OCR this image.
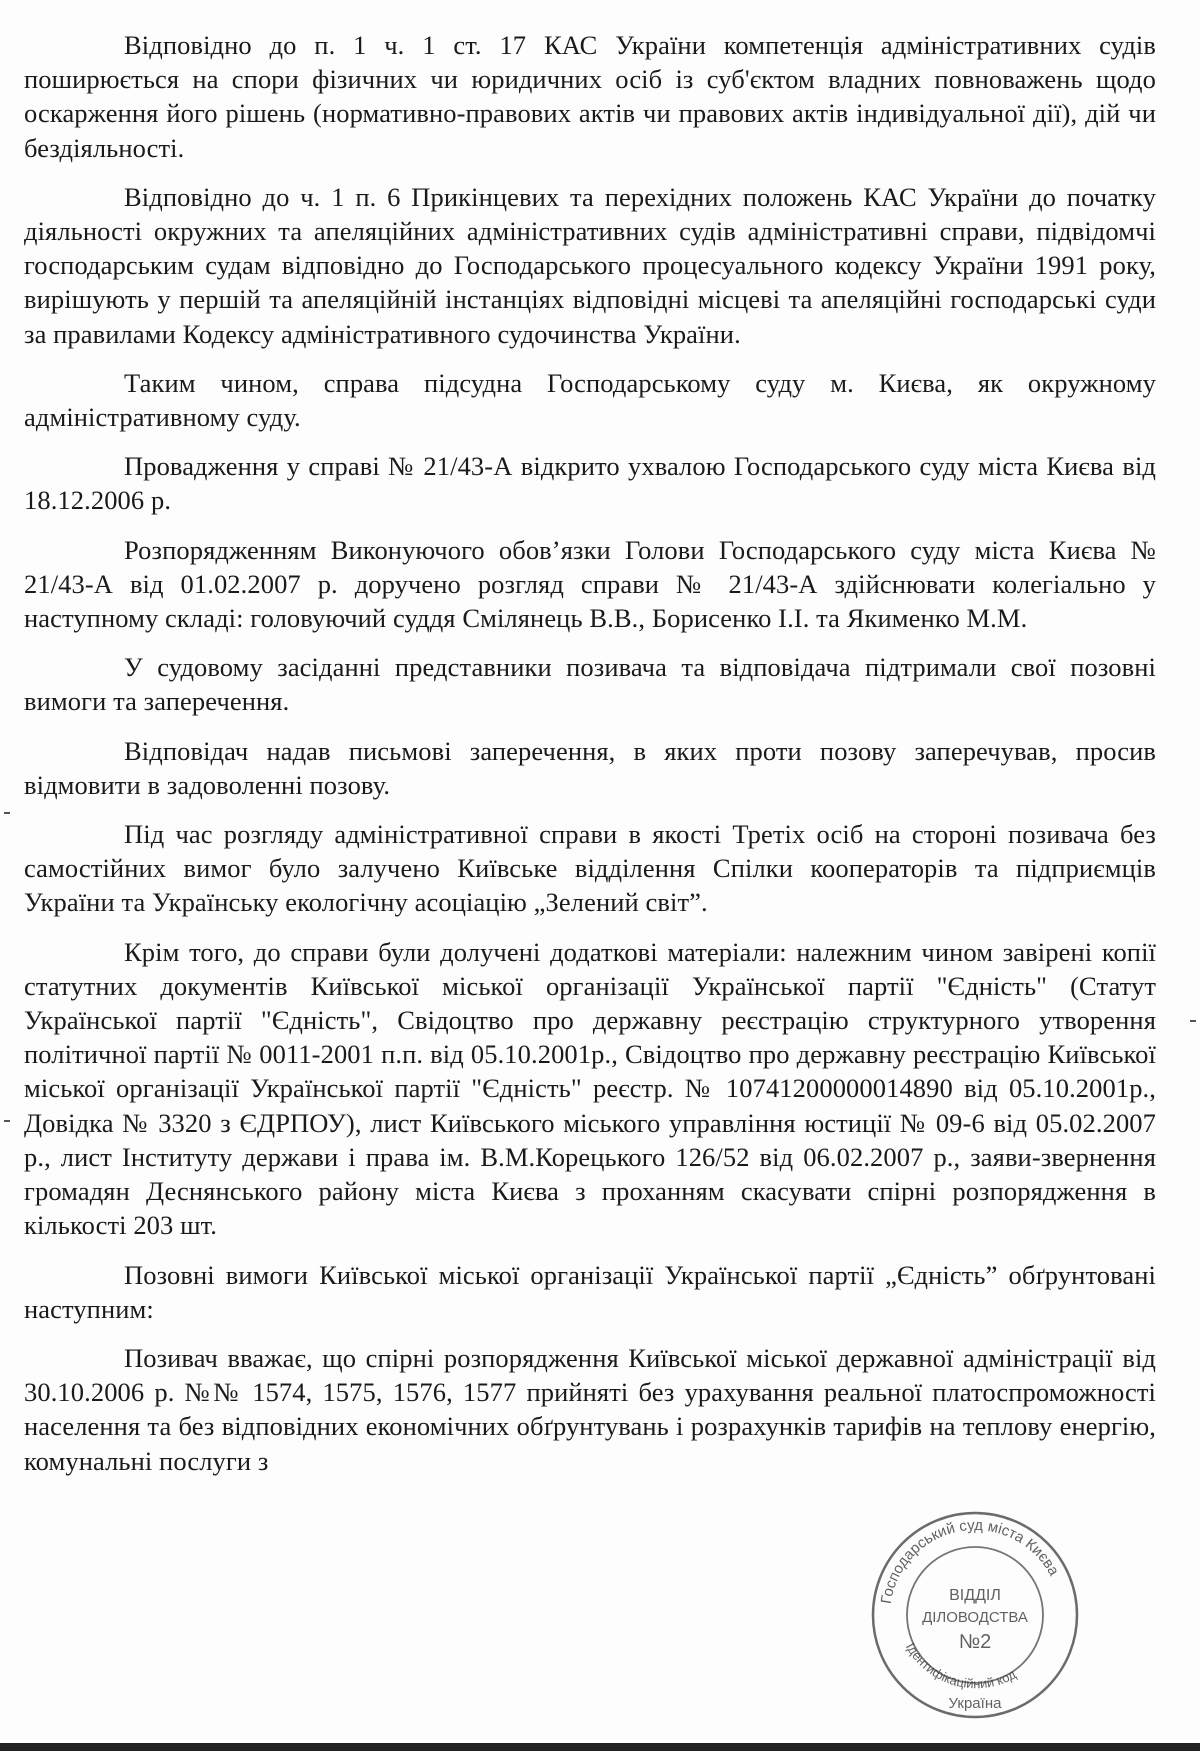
Відповідно до п. 1 ч. 1 ст. 17 КАС України компетенція адміністративних судів поширюється на спори фізичних чи юридичних осіб із суб'єктом владних повноважень щодо оскарження його рішень (нормативно-правових актів чи правових актів індивідуальної дії), дій чи бездіяльності.

Відповідно до ч. 1 п. 6 Прикінцевих та перехідних положень КАС України до початку діяльності окружних та апеляційних адміністративних судів адміністративні справи, підвідомчі господарським судам відповідно до Господарського процесуального кодексу України 1991 року, вирішують у першій та апеляційній інстанціях відповідні місцеві та апеляційні господарські суди за правилами Кодексу адміністративного судочинства України.

Таким чином, справа підсудна Господарському суду м. Києва, як окружному адміністративному суду.

Провадження у справі № 21/43-А відкрито ухвалою Господарського суду міста Києва від 18.12.2006 р.

Розпорядженням Виконуючого обов’язки Голови Господарського суду міста Києва № 21/43-А від 01.02.2007 р. доручено розгляд справи № 21/43-А здійснювати колегіально у наступному складі: головуючий суддя Смілянець В.В., Борисенко І.І. та Якименко М.М.

У судовому засіданні представники позивача та відповідача підтримали свої позовні вимоги та заперечення.

Відповідач надав письмові заперечення, в яких проти позову заперечував, просив відмовити в задоволенні позову.

Під час розгляду адміністративної справи в якості Третіх осіб на стороні позивача без самостійних вимог було залучено Київське відділення Спілки кооператорів та підприємців України та Українську екологічну асоціацію „Зелений світ”.

Крім того, до справи були долучені додаткові матеріали: належним чином завірені копії статутних документів Київської міської організації Української партії "Єдність" (Статут Української партії "Єдність", Свідоцтво про державну реєстрацію структурного утворення політичної партії № 0011-2001 п.п. від 05.10.2001р., Свідоцтво про державну реєстрацію Київської міської організації Української партії "Єдність" реєстр. № 10741200000014890 від 05.10.2001р., Довідка № 3320 з ЄДРПОУ), лист Київського міського управління юстиції № 09-6 від 05.02.2007 р., лист Інституту держави і права ім. В.М.Корецького 126/52 від 06.02.2007 р., заяви-звернення громадян Деснянського району міста Києва з проханням скасувати спірні розпорядження в кількості 203 шт.

Позовні вимоги Київської міської організації Української партії „Єдність” обґрунтовані наступним:

Позивач вважає, що спірні розпорядження Київської міської державної адміністрації від 30.10.2006 р. №№ 1574, 1575, 1576, 1577 прийняті без урахування реальної платоспроможності населення та без відповідних економічних обґрунтувань і розрахунків тарифів на теплову енергію, комунальні послуги з

Господарський суд міста Києва
Ідентифікаційний код
ВІДДІЛ
ДІЛОВОДСТВА
№2
Україна
